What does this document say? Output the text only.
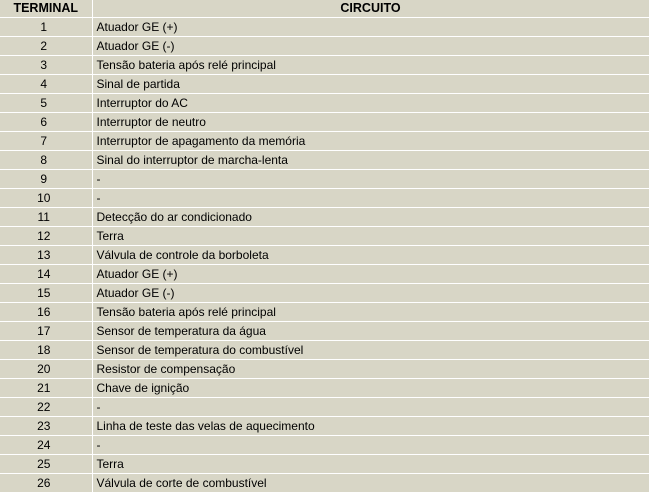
TERMINAL	CIRCUITO
1	Atuador GE (+)
2	Atuador GE (-)
3	Tensão bateria após relé principal
4	Sinal de partida
5	Interruptor do AC
6	Interruptor de neutro
7	Interruptor de apagamento da memória
8	Sinal do interruptor de marcha-lenta
9	-
10	-
11	Detecção do ar condicionado
12	Terra
13	Válvula de controle da borboleta
14	Atuador GE (+)
15	Atuador GE (-)
16	Tensão bateria após relé principal
17	Sensor de temperatura da água
18	Sensor de temperatura do combustível
20	Resistor de compensação
21	Chave de ignição
22	-
23	Linha de teste das velas de aquecimento
24	-
25	Terra
26	Válvula de corte de combustível
